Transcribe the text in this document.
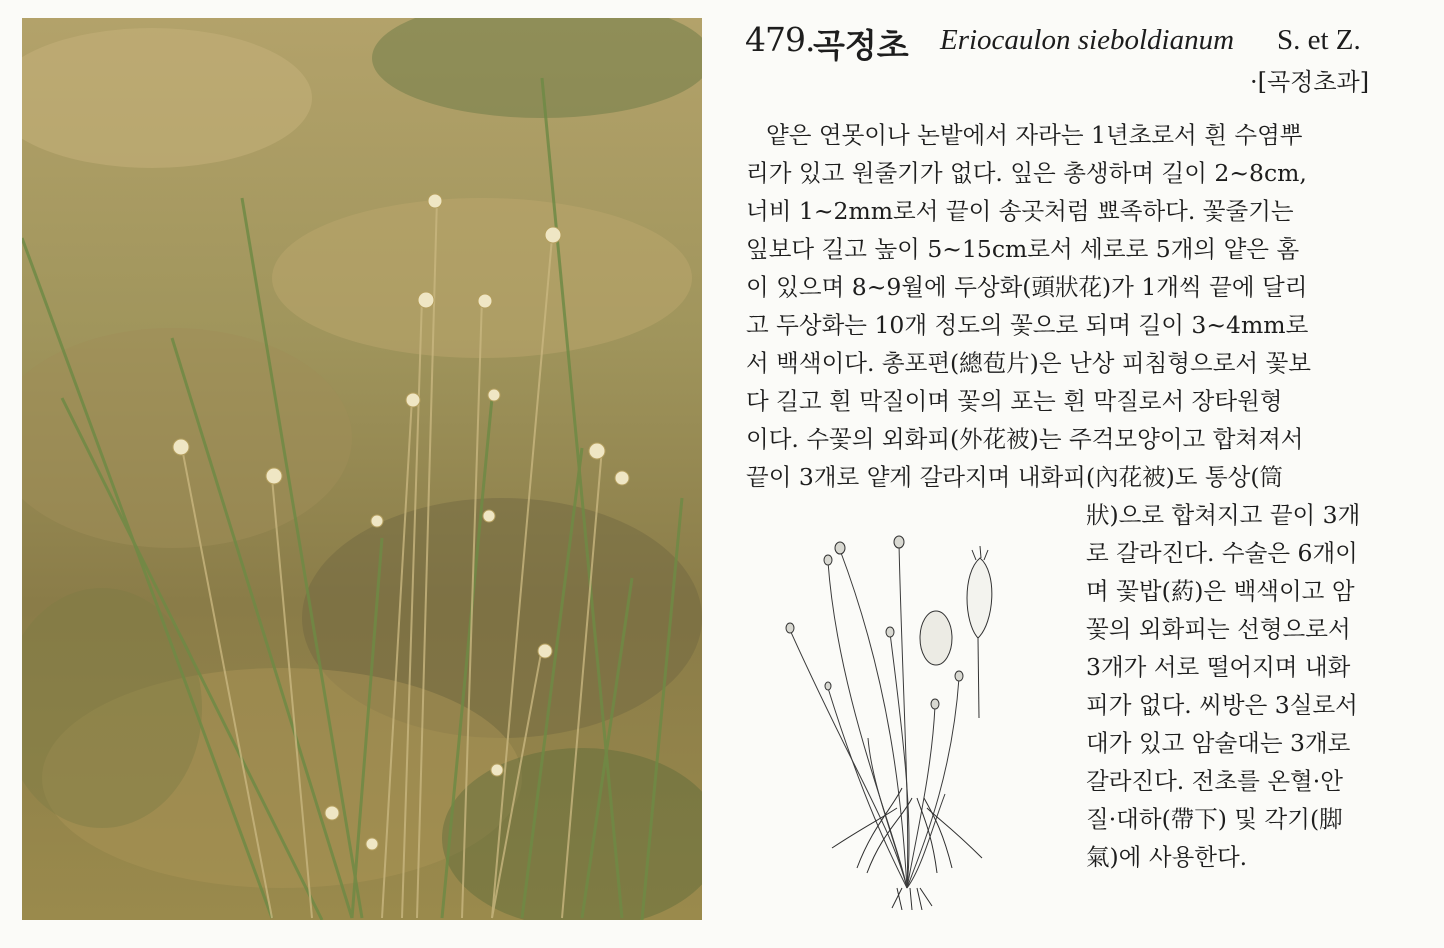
479.
곡정초 Eriocaulon sieboldianum S. et Z.
·[곡정초과]

얕은 연못이나 논밭에서 자라는 1년초로서 흰 수염뿌

리가 있고 원줄기가 없다. 잎은 총생하며 길이 2~8cm,

너비 1~2mm로서 끝이 송곳처럼 뾰족하다. 꽃줄기는

잎보다 길고 높이 5~15cm로서 세로로 5개의 얕은 홈

이 있으며 8~9월에 두상화(頭狀花)가 1개씩 끝에 달리

고 두상화는 10개 정도의 꽃으로 되며 길이 3~4mm로

서 백색이다. 총포편(總苞片)은 난상 피침형으로서 꽃보

다 길고 흰 막질이며 꽃의 포는 흰 막질로서 장타원형

이다. 수꽃의 외화피(外花被)는 주걱모양이고 합쳐져서

끝이 3개로 얕게 갈라지며 내화피(內花被)도 통상(筒

狀)으로 합쳐지고 끝이 3개

로 갈라진다. 수술은 6개이

며 꽃밥(葯)은 백색이고 암

꽃의 외화피는 선형으로서

3개가 서로 떨어지며 내화

피가 없다. 씨방은 3실로서

대가 있고 암술대는 3개로

갈라진다. 전초를 온혈·안

질·대하(帶下) 및 각기(脚

氣)에 사용한다.
